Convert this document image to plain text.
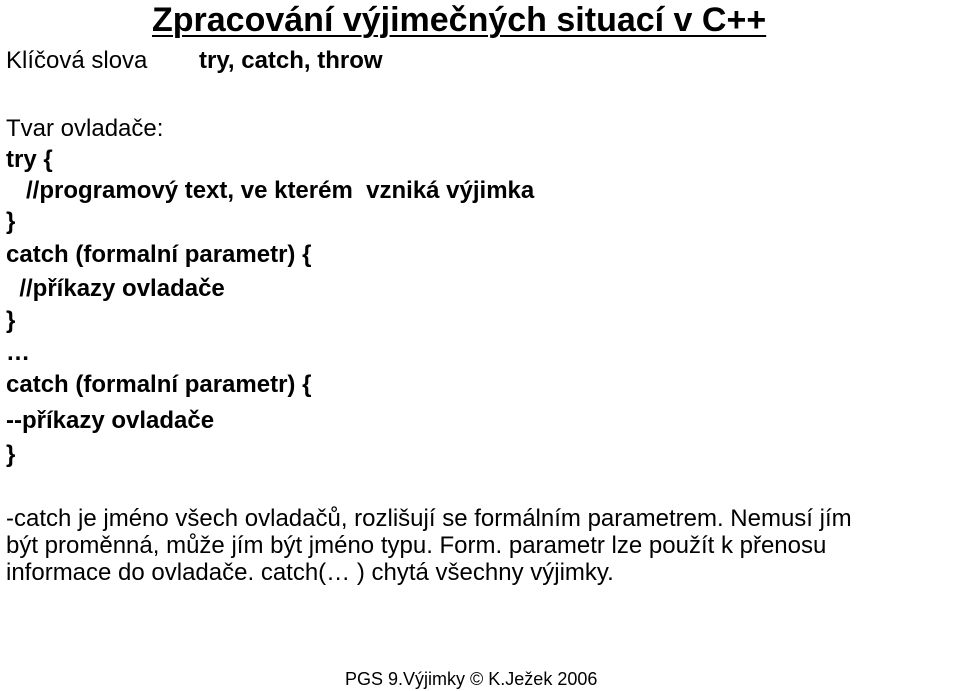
Zpracování výjimečných situací v C++
Klíčová slova try, catch, throw
Tvar ovladače:
try {
//programový text, ve kterém  vzniká výjimka
}
catch (formalní parametr) {
//příkazy ovladače
}
…
catch (formalní parametr) {
--příkazy ovladače
}
-catch je jméno všech ovladačů, rozlišují se formálním parametrem. Nemusí jím
být proměnná, může jím být jméno typu. Form. parametr lze použít k přenosu
informace do ovladače. catch(… ) chytá všechny výjimky.
PGS 9.Výjimky © K.Ježek 2006
